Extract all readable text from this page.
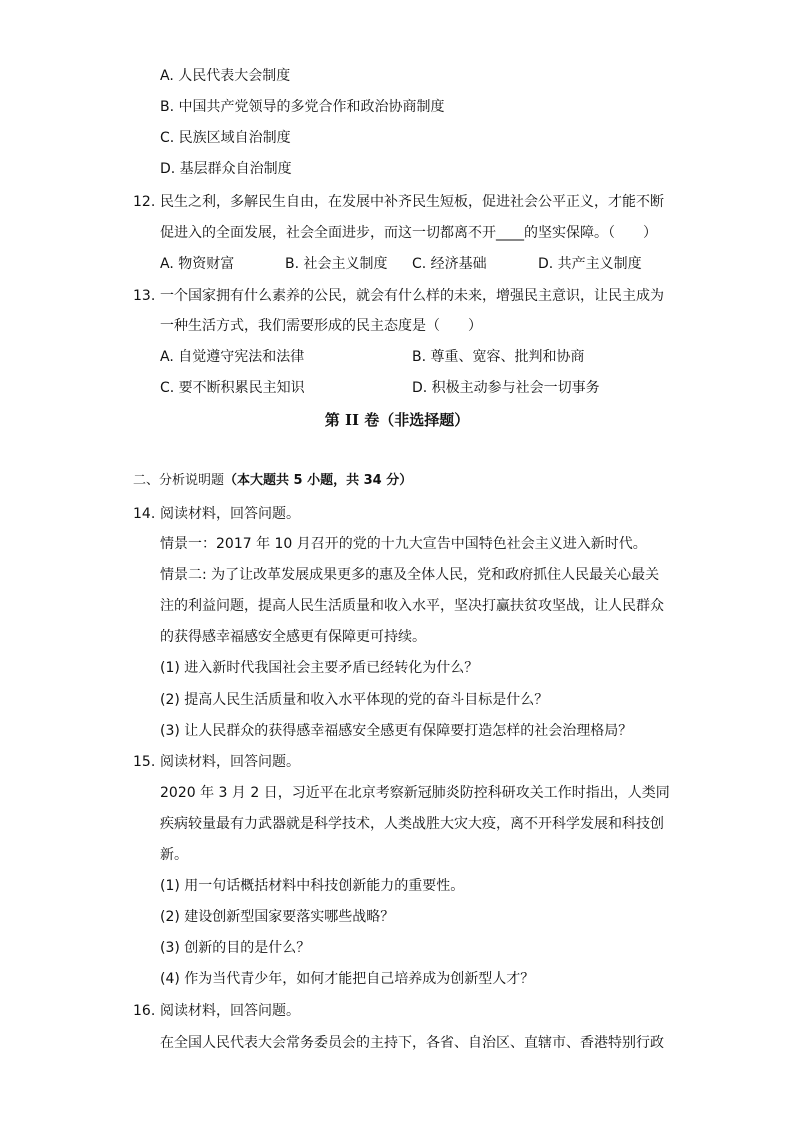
A. 人民代表大会制度
B. 中国共产党领导的多党合作和政治协商制度
C. 民族区域自治制度
D. 基层群众自治制度
12. 民生之利，多解民生自由，在发展中补齐民生短板，促进社会公平正义，才能不断
促进入的全面发展，社会全面进步，而这一切都离不开____的坚实保障。（　　）
A. 物资财富	B. 社会主义制度 C. 经济基础	D. 共产主义制度
13. 一个国家拥有什么素养的公民，就会有什么样的未来，增强民主意识，让民主成为
一种生活方式，我们需要形成的民主态度是（　　）
A. 自觉遵守宪法和法律	B. 尊重、宽容、批判和协商
C. 要不断积累民主知识	D. 积极主动参与社会一切事务
第 II 卷（非选择题）
二、分析说明题（本大题共 5 小题，共 34 分）
14. 阅读材料，回答问题。
情景一：2017 年 10 月召开的党的十九大宣告中国特色社会主义进入新时代。
情景二: 为了让改革发展成果更多的惠及全体人民，党和政府抓住人民最关心最关
注的利益问题，提高人民生活质量和收入水平，坚决打赢扶贫攻坚战，让人民群众
的获得感幸福感安全感更有保障更可持续。
(1) 进入新时代我国社会主要矛盾已经转化为什么？
(2) 提高人民生活质量和收入水平体现的党的奋斗目标是什么？
(3) 让人民群众的获得感幸福感安全感更有保障要打造怎样的社会治理格局？
15. 阅读材料，回答问题。
2020 年 3 月 2 日，习近平在北京考察新冠肺炎防控科研攻关工作时指出，人类同
疾病较量最有力武器就是科学技术，人类战胜大灾大疫，离不开科学发展和科技创
新。
(1) 用一句话概括材料中科技创新能力的重要性。
(2) 建设创新型国家要落实哪些战略？
(3) 创新的目的是什么？
(4) 作为当代青少年，如何才能把自己培养成为创新型人才？
16. 阅读材料，回答问题。
在全国人民代表大会常务委员会的主持下，各省、自治区、直辖市、香港特别行政
